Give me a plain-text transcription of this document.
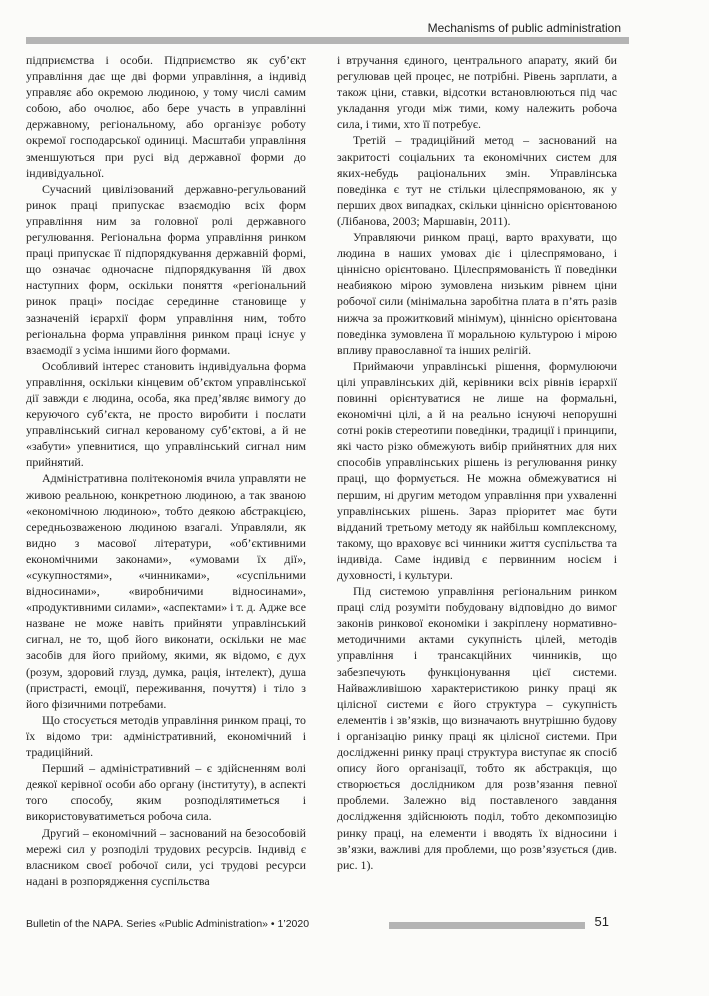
Mechanisms of public administration

підприємства і особи. Підприємство як суб’єкт управління дає ще дві форми управління, а індивід управляє або окремою людиною, у тому числі самим собою, або очолює, або бере участь в управлінні державному, регіональному, або організує роботу окремої господарської одиниці. Масштаби управління зменшуються при русі від державної форми до індивідуальної.

Сучасний цивілізований державно-регульований ринок праці припускає взаємодію всіх форм управління ним за головної ролі державного регулювання. Регіональна форма управління ринком праці припускає її підпорядкування державній формі, що означає одночасне підпорядкування їй двох наступних форм, оскільки поняття «регіональний ринок праці» посідає серединне становище у зазначеній ієрархії форм управління ним, тобто регіональна форма управління ринком праці існує у взаємодії з усіма іншими його формами.

Особливий інтерес становить індивідуальна форма управління, оскільки кінцевим об’єктом управлінської дії завжди є людина, особа, яка пред’являє вимогу до керуючого суб’єкта, не просто виробити і послати управлінський сигнал керованому суб’єктові, а й не «забути» упевнитися, що управлінський сигнал ним прийнятий.

Адміністративна політекономія вчила управляти не живою реальною, конкретною людиною, а так званою «економічною людиною», тобто деякою абстракцією, середньозваженою людиною взагалі. Управляли, як видно з масової літератури, «об’єктивними економічними законами», «умовами їх дії», «сукупностями», «чинниками», «суспільними відносинами», «виробничими відносинами», «продуктивними силами», «аспектами» і т. д. Адже все назване не може навіть прийняти управлінський сигнал, не то, щоб його виконати, оскільки не має засобів для його прийому, якими, як відомо, є дух (розум, здоровий глузд, думка, рація, інтелект), душа (пристрасті, емоції, переживання, почуття) і тіло з його фізичними потребами.

Що стосується методів управління ринком праці, то їх відомо три: адміністративний, економічний і традиційний.

Перший – адміністративний – є здійсненням волі деякої керівної особи або органу (інституту), в aспекті того способу, яким розподілятиметься і використовуватиметься робоча сила.

Другий – економічний – заснований на безособовій мережі сил у розподілі трудових ресурсів. Індивід є власником своєї робочої сили, усі трудові ресурси надані в розпорядження суспільства

і втручання єдиного, центрального апарату, який би регулював цей процес, не потрібні. Рівень зарплати, а також ціни, ставки, відсотки встановлюються під час укладання угоди між тими, кому належить робоча сила, і тими, хто її потребує.

Третій – традиційний метод – заснований на закритості соціальних та економічних систем для яких-небудь раціональних змін. Управлінська поведінка є тут не стільки цілеспрямованою, як у перших двох випадках, скільки ціннісно орієнтованою (Лібанова, 2003; Маршавін, 2011).

Управляючи ринком праці, варто врахувати, що людина в наших умовах діє і цілеспрямовано, і ціннісно орієнтовано. Цілеспрямованість її поведінки неабиякою мірою зумовлена низьким рівнем ціни робочої сили (мінімальна заробітна плата в п’ять разів нижча за прожитковий мінімум), ціннісно орієнтована поведінка зумовлена її моральною культурою і мірою впливу православної та інших релігій.

Приймаючи управлінські рішення, формулюючи цілі управлінських дій, керівники всіх рівнів ієрархії повинні орієнтуватися не лише на формальні, економічні цілі, а й на реально існуючі непорушні сотні років стереотипи поведінки, традиції і принципи, які часто різко обмежують вибір прийнятних для них способів управлінських рішень із регулювання ринку праці, що формується. Не можна обмежуватися ні першим, ні другим методом управління при ухваленні управлінських рішень. Зараз пріоритет має бути відданий третьому методу як найбільш комплексному, такому, що враховує всі чинники життя суспільства та індивіда. Саме індивід є первинним носієм і духовності, і культури.

Під системою управління регіональним ринком праці слід розуміти побудовану відповідно до вимог законів ринкової економіки і закріплену нормативно-методичними актами сукупність цілей, методів управління і трансакційних чинників, що забезпечують функціонування цієї системи. Найважливішою характеристикою ринку праці як цілісної системи є його структура – сукупність елементів і зв’язків, що визначають внутрішню будову і організацію ринку праці як цілісної системи. При дослідженні ринку праці структура виступає як спосіб опису його організації, тобто як абстракція, що створюється дослідником для розв’язання певної проблеми. Залежно від поставленого завдання дослідження здійснюють поділ, тобто декомпозицію ринку праці, на елементи і вводять їх відносини і зв’язки, важливі для проблеми, що розв’язується (див. рис. 1).

Bulletin of the NAPA. Series «Public Administration» • 1’2020	51
